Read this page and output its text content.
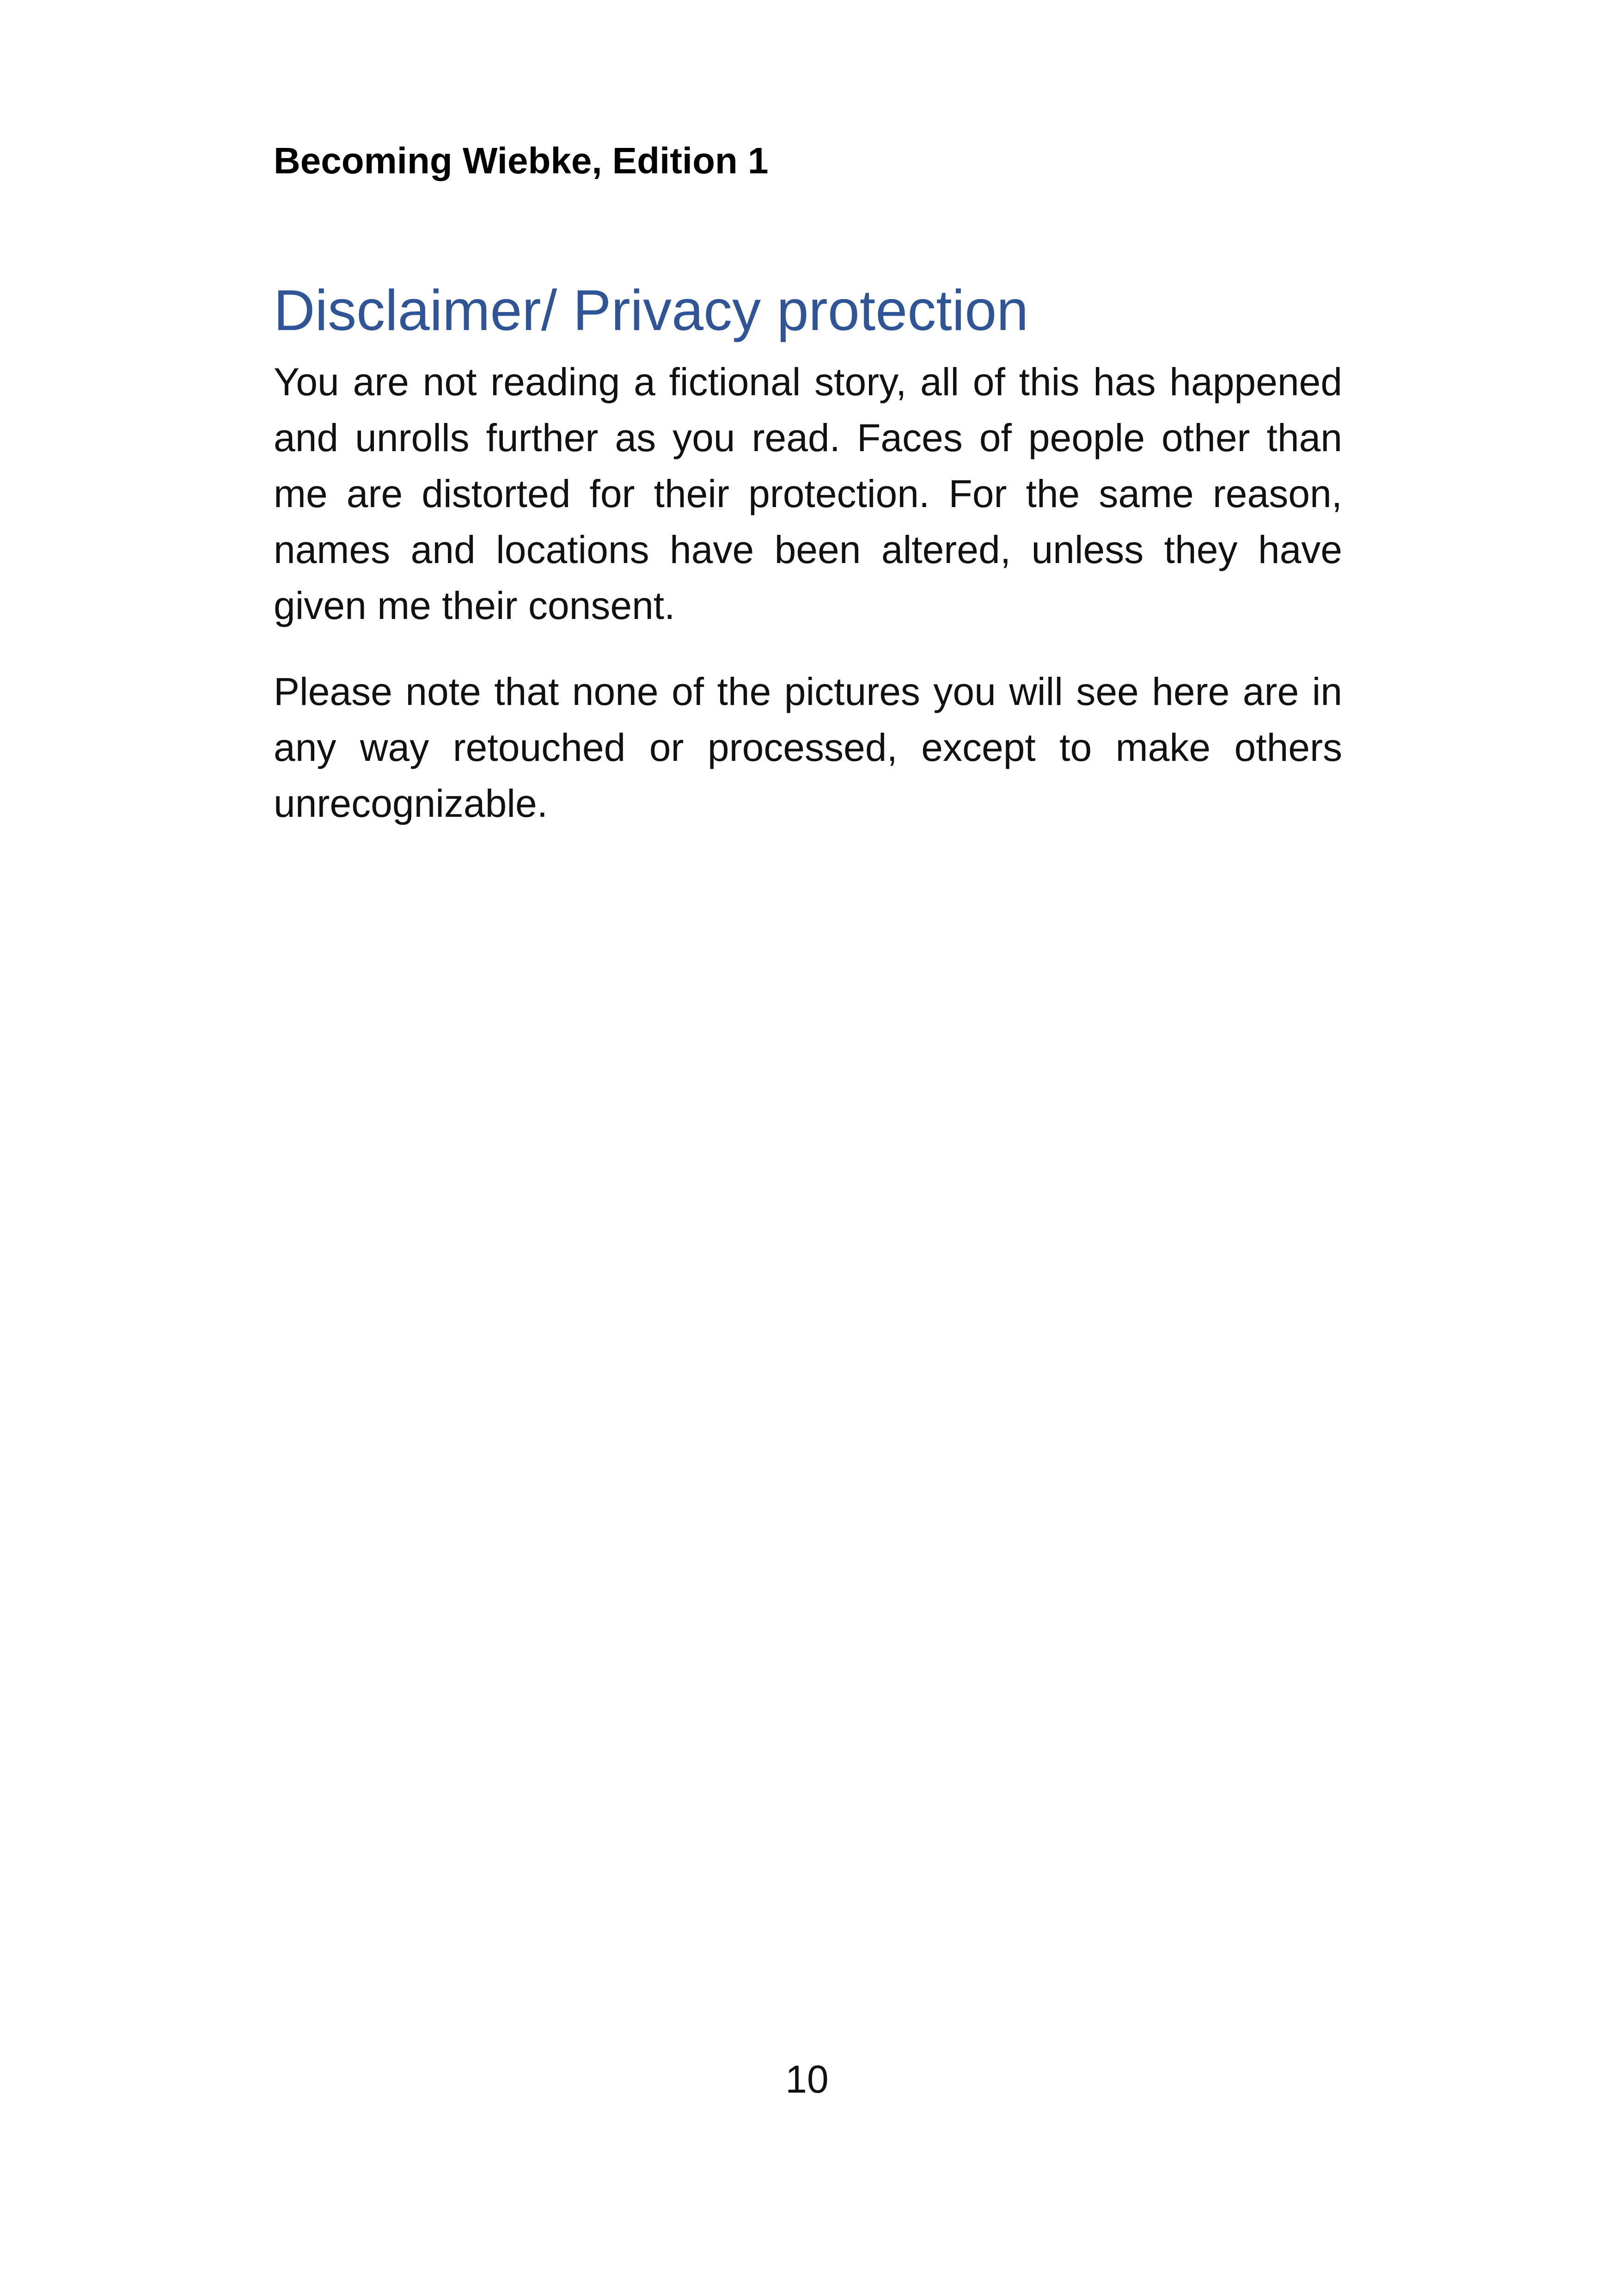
Becoming Wiebke, Edition 1

Disclaimer/ Privacy protection

You are not reading a fictional story, all of this has happened and unrolls further as you read. Faces of people other than me are distorted for their protection. For the same reason, names and locations have been altered, unless they have given me their consent.

Please note that none of the pictures you will see here are in any way retouched or processed, except to make others unrecognizable.

10
